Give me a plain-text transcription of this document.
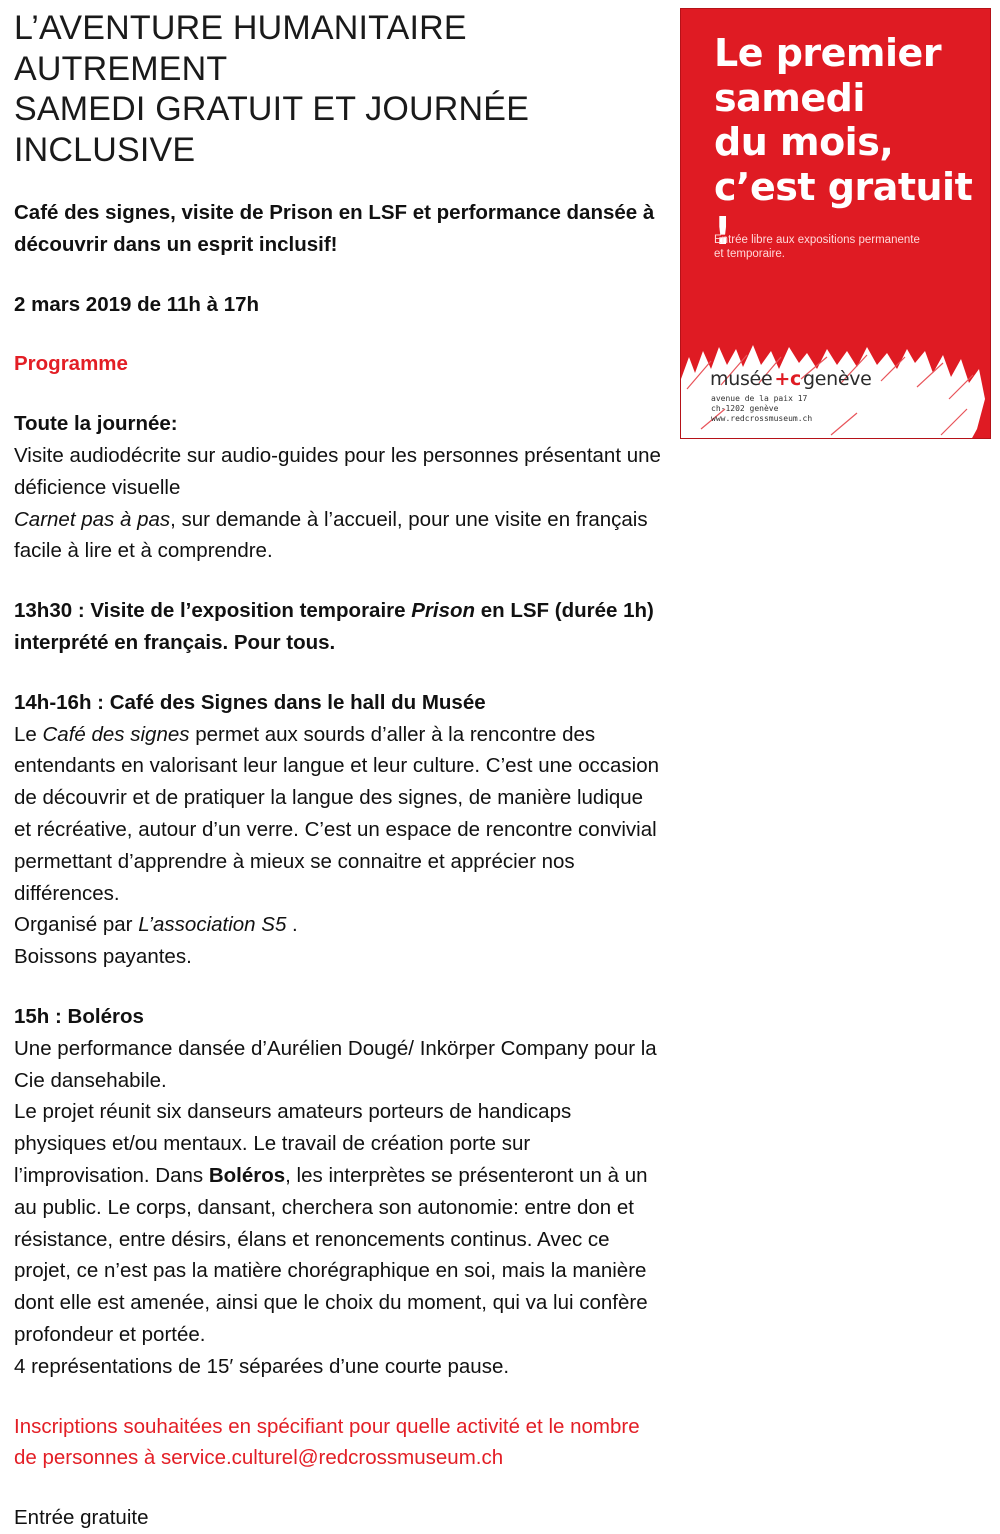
L’AVENTURE HUMANITAIRE
AUTREMENT
SAMEDI GRATUIT ET JOURNÉE
INCLUSIVE

Café des signes, visite de Prison en LSF et performance dansée à découvrir dans un esprit inclusif!

2 mars 2019 de 11h à 17h

Programme

Toute la journée:

Visite audiodécrite sur audio-guides pour les personnes présentant une déficience visuelle

Carnet pas à pas, sur demande à l’accueil, pour une visite en français facile à lire et à comprendre.

13h30 : Visite de l’exposition temporaire Prison en LSF (durée 1h) interprété en français. Pour tous.

14h-16h : Café des Signes dans le hall du Musée

Le Café des signes permet aux sourds d’aller à la rencontre des entendants en valorisant leur langue et leur culture. C’est une occasion de découvrir et de pratiquer la langue des signes, de manière ludique et récréative, autour d’un verre. C’est un espace de rencontre convivial permettant d’apprendre à mieux se connaitre et apprécier nos différences.

Organisé par L’association S5 .

Boissons payantes.

15h : Boléros

Une performance dansée d’Aurélien Dougé/ Inkörper Company pour la Cie dansehabile.

Le projet réunit six danseurs amateurs porteurs de handicaps physiques et/ou mentaux. Le travail de création porte sur l’improvisation. Dans Boléros, les interprètes se présenteront un à un au public. Le corps, dansant, cherchera son autonomie: entre don et résistance, entre désirs, élans et renoncements continus. Avec ce projet, ce n’est pas la matière chorégraphique en soi, mais la manière dont elle est amenée, ainsi que le choix du moment, qui va lui confère profondeur et portée.

4 représentations de 15′ séparées d’une courte pause.

Inscriptions souhaitées en spécifiant pour quelle activité et le nombre de personnes à service.culturel@redcrossmuseum.ch

Entrée gratuite

Le premier
samedi
du mois,
c’est gratuit !
Entrée libre aux expositions permanente
et temporaire.
musée +c genève
avenue de la paix 17
ch-1202 genève
www.redcrossmuseum.ch
